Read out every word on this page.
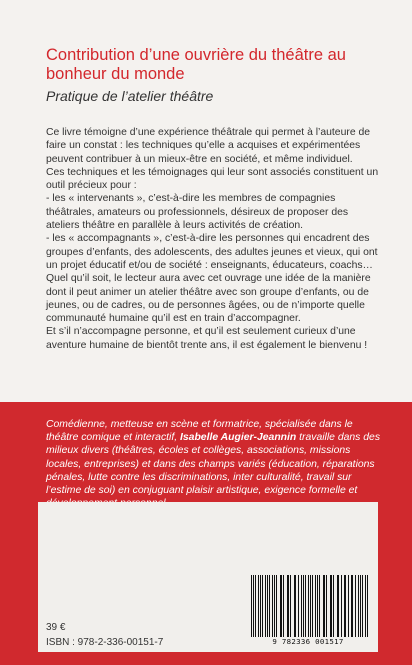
Contribution d’une ouvrière du théâtre au bonheur du monde
Pratique de l’atelier théâtre

Ce livre témoigne d’une expérience théâtrale qui permet à l’auteure de faire un constat : les techniques qu’elle a acquises et expérimentées peuvent contribuer à un mieux-être en société, et même individuel.

Ces techniques et les témoignages qui leur sont associés constituent un outil précieux pour :

- les « intervenants », c’est-à-dire les membres de compagnies théâtrales, amateurs ou professionnels, désireux de proposer des ateliers théâtre en parallèle à leurs activités de création.

- les « accompagnants », c’est-à-dire les personnes qui encadrent des groupes d’enfants, des adolescents, des adultes jeunes et vieux, qui ont un projet éducatif et/ou de société : enseignants, éducateurs, coachs…

Quel qu’il soit, le lecteur aura avec cet ouvrage une idée de la manière dont il peut animer un atelier théâtre avec son groupe d’enfants, ou de jeunes, ou de cadres, ou de personnes âgées, ou de n’importe quelle communauté humaine qu’il est en train d’accompagner.

Et s’il n’accompagne personne, et qu’il est seulement curieux d’une aventure humaine de bientôt trente ans, il est également le bienvenu !

Comédienne, metteuse en scène et formatrice, spécialisée dans le théâtre comique et interactif, Isabelle Augier-Jeannin travaille dans des milieux divers (théâtres, écoles et collèges, associations, missions locales, entreprises) et dans des champs variés (éducation, réparations pénales, lutte contre les discriminations, inter culturalité, travail sur l’estime de soi) en conjuguant plaisir artistique, exigence formelle et
39 €
ISBN : 978-2-336-00151-7	9 782336 001517
